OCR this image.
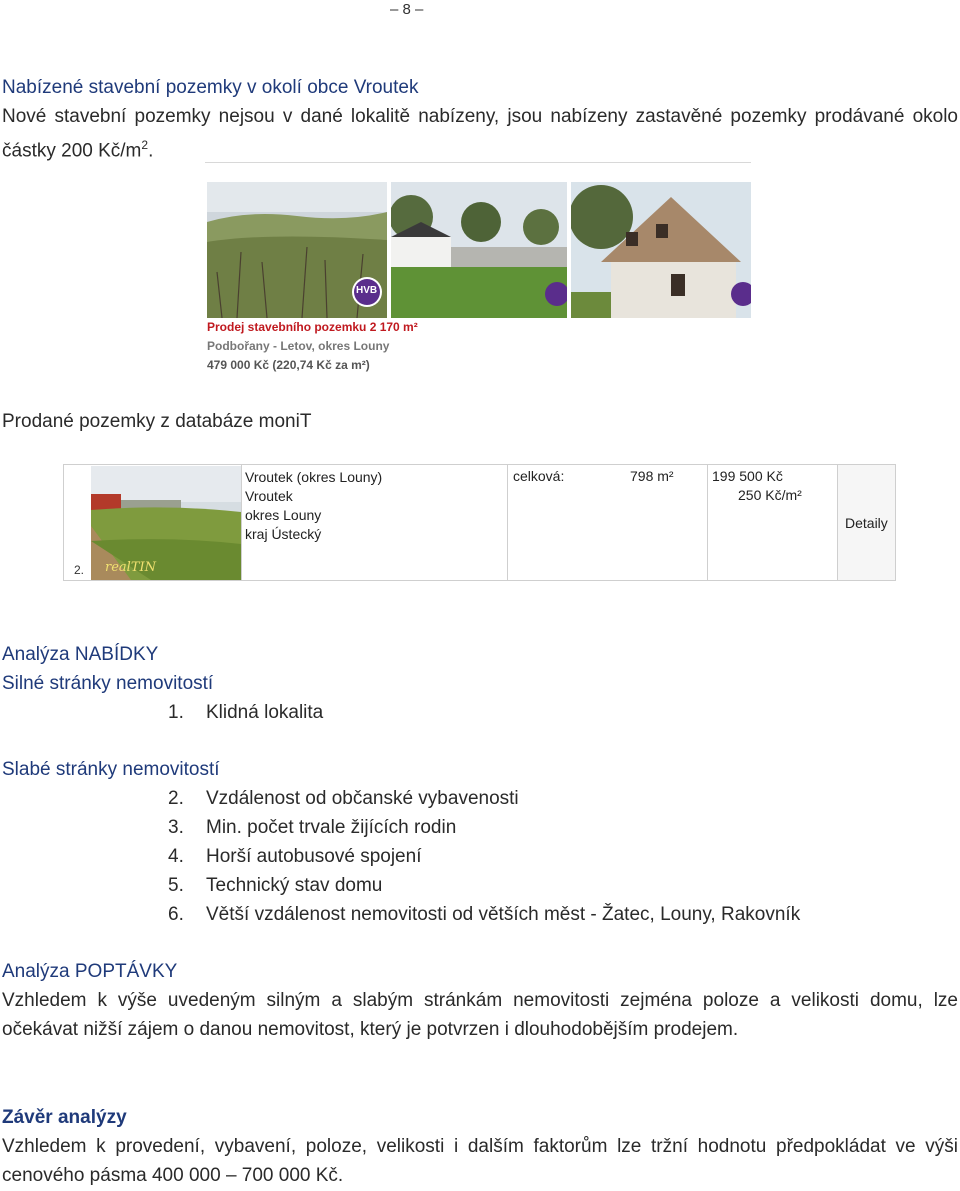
– 8 –
Nabízené stavební pozemky v okolí obce Vroutek
Nové stavební pozemky nejsou v dané lokalitě nabízeny, jsou nabízeny zastavěné pozemky prodávané okolo částky 200 $Kč/m^2$.
HVB
Prodej stavebního pozemku 2 170 m²
Podbořany - Letov, okres Louny
479 000 Kč (220,74 Kč za m²)
Prodané pozemky z databáze moniT
realTIN
2.
Vroutek (okres Louny)
Vroutek
okres Louny
kraj Ústecký
celková:	798 m²	199 500 Kč
250 Kč/m²
Detaily
Analýza NABÍDKY
Silné stránky nemovitostí
1. Klidná lokalita
Slabé stránky nemovitostí
2. Vzdálenost od občanské vybavenosti
3. Min. počet trvale žijících rodin
4. Horší autobusové spojení
5. Technický stav domu
6. Větší vzdálenost nemovitosti od větších měst - Žatec, Louny, Rakovník
Analýza POPTÁVKY
Vzhledem k výše uvedeným silným a slabým stránkám nemovitosti zejména poloze a velikosti domu, lze očekávat nižší zájem o danou nemovitost, který je potvrzen i dlouhodobějším prodejem.
Závěr analýzy
Vzhledem k provedení, vybavení, poloze, velikosti i dalším faktorům lze tržní hodnotu předpokládat ve výši cenového pásma 400 000 – 700 000 Kč.
